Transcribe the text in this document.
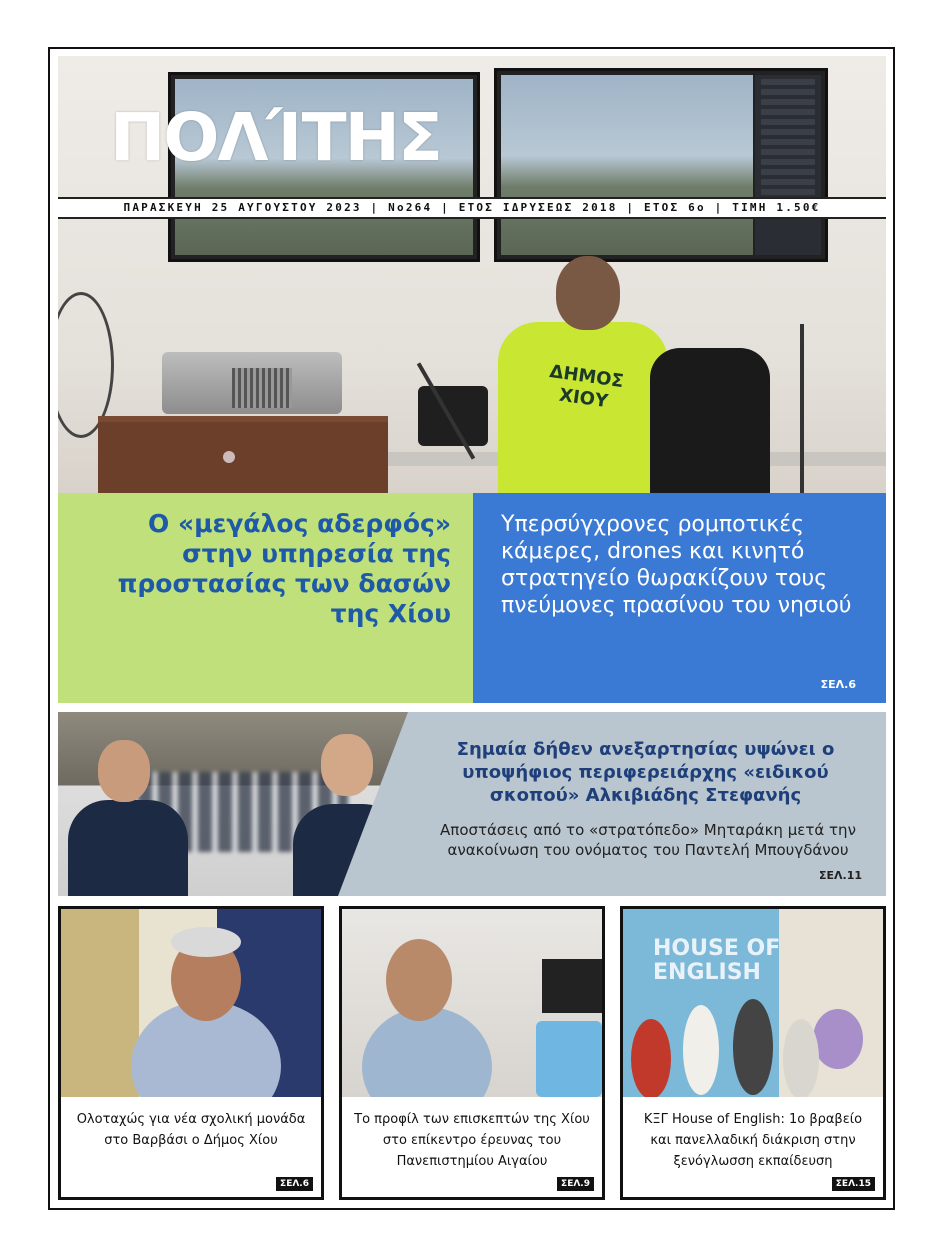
ΔΗΜΟΣ ΧΙΟΥ
ΠΟΛΊΤΗΣ
ΠΑΡΑΣΚΕΥΗ 25 ΑΥΓΟΥΣΤΟΥ 2023 | Νο264 | ΕΤΟΣ ΙΔΡΥΣΕΩΣ 2018 | ΕΤΟΣ 6ο | ΤΙΜΗ 1.50€
Ο «μεγάλος αδερφός» στην υπηρεσία της προστασίας των δασών της Χίου
Υπερσύγχρονες ρομποτικές κάμερες, drones και κινητό στρατηγείο θωρακίζουν τους πνεύμονες πρασίνου του νησιού
ΣΕΛ.6
Σημαία δήθεν ανεξαρτησίας υψώνει ο υποψήφιος περιφερειάρχης «ειδικού σκοπού» Αλκιβιάδης Στεφανής

Αποστάσεις από το «στρατόπεδο» Μηταράκη μετά την ανακοίνωση του ονόματος του Παντελή Μπουγδάνου

ΣΕΛ.11
Ολοταχώς για νέα σχολική μονάδα στο Βαρβάσι ο Δήμος Χίου
ΣΕΛ.6
Το προφίλ των επισκεπτών της Χίου στο επίκεντρο έρευνας του Πανεπιστημίου Αιγαίου
ΣΕΛ.9
HOUSE OF ENGLISH
ΚΞΓ House of English: 1ο βραβείο και πανελλαδική διάκριση στην ξενόγλωσση εκπαίδευση
ΣΕΛ.15
